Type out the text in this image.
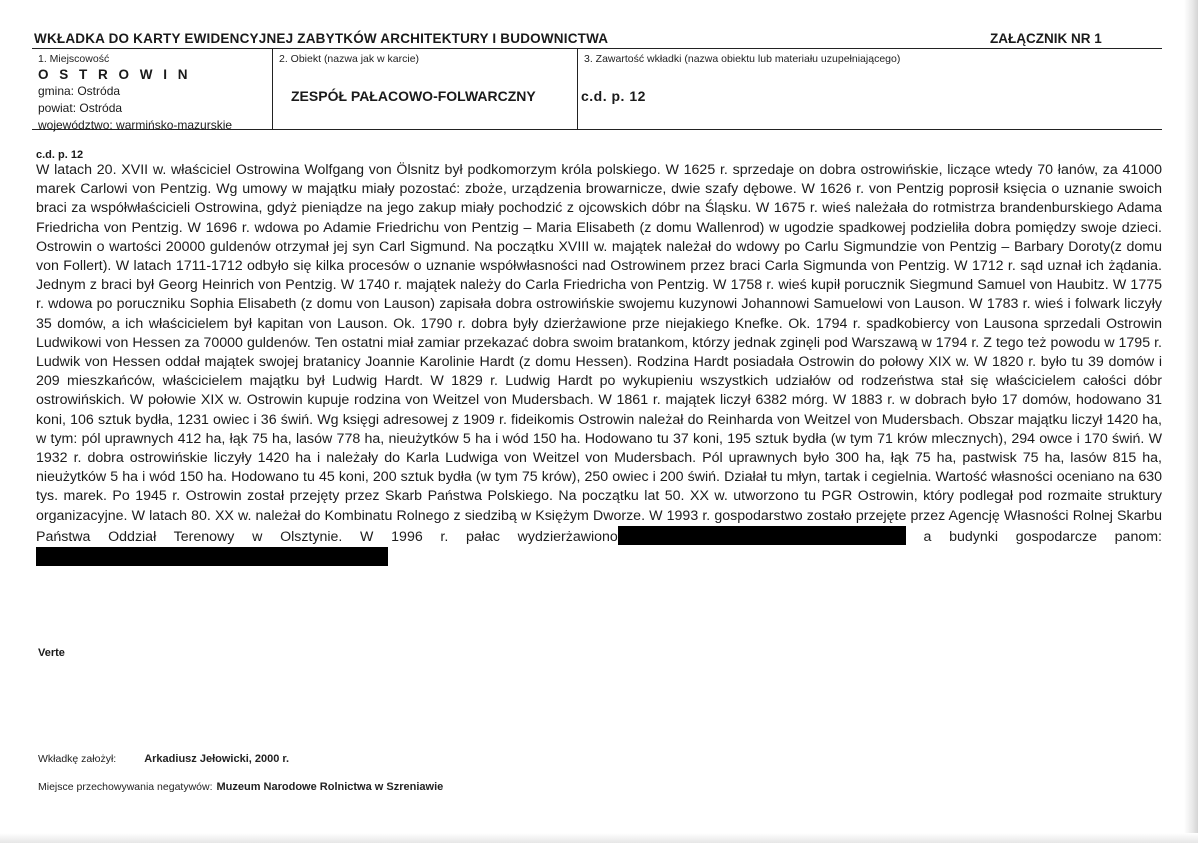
WKŁADKA DO KARTY EWIDENCYJNEJ ZABYTKÓW ARCHITEKTURY I BUDOWNICTWA	ZAŁĄCZNIK NR 1
1. Miejscowość
O S T R O W I N
gmina: Ostróda
powiat: Ostróda
województwo: warmińsko-mazurskie
2. Obiekt (nazwa jak w karcie)
ZESPÓŁ PAŁACOWO-FOLWARCZNY
3. Zawartość wkładki (nazwa obiektu lub materiału uzupełniającego)
c.d. p. 12
c.d. p. 12
W latach 20. XVII w. właściciel Ostrowina Wolfgang von Ölsnitz był podkomorzym króla polskiego. W 1625 r. sprzedaje on dobra ostrowińskie, liczące wtedy 70 łanów, za 41000 marek Carlowi von Pentzig. Wg umowy w majątku miały pozostać: zboże, urządzenia browarnicze, dwie szafy dębowe. W 1626 r. von Pentzig poprosił księcia o uznanie swoich braci za współwłaścicieli Ostrowina, gdyż pieniądze na jego zakup miały pochodzić z ojcowskich dóbr na Śląsku. W 1675 r. wieś należała do rotmistrza brandenburskiego Adama Friedricha von Pentzig. W 1696 r. wdowa po Adamie Friedrichu von Pentzig – Maria Elisabeth (z domu Wallenrod) w ugodzie spadkowej podzieliła dobra pomiędzy swoje dzieci. Ostrowin o wartości 20000 guldenów otrzymał jej syn Carl Sigmund. Na początku XVIII w. majątek należał do wdowy po Carlu Sigmundzie von Pentzig – Barbary Doroty(z domu von Follert). W latach 1711-1712 odbyło się kilka procesów o uznanie współwłasności nad Ostrowinem przez braci Carla Sigmunda von Pentzig. W 1712 r. sąd uznał ich żądania. Jednym z braci był Georg Heinrich von Pentzig. W 1740 r. majątek należy do Carla Friedricha von Pentzig. W 1758 r. wieś kupił porucznik Siegmund Samuel von Haubitz. W 1775 r. wdowa po poruczniku Sophia Elisabeth (z domu von Lauson) zapisała dobra ostrowińskie swojemu kuzynowi Johannowi Samuelowi von Lauson. W 1783 r. wieś i folwark liczyły 35 domów, a ich właścicielem był kapitan von Lauson. Ok. 1790 r. dobra były dzierżawione prze niejakiego Knefke. Ok. 1794 r. spadkobiercy von Lausona sprzedali Ostrowin Ludwikowi von Hessen za 70000 guldenów. Ten ostatni miał zamiar przekazać dobra swoim bratankom, którzy jednak zginęli pod Warszawą w 1794 r. Z tego też powodu w 1795 r. Ludwik von Hessen oddał majątek swojej bratanicy Joannie Karolinie Hardt (z domu Hessen). Rodzina Hardt posiadała Ostrowin do połowy XIX w. W 1820 r. było tu 39 domów i 209 mieszkańców, właścicielem majątku był Ludwig Hardt. W 1829 r. Ludwig Hardt po wykupieniu wszystkich udziałów od rodzeństwa stał się właścicielem całości dóbr ostrowińskich. W połowie XIX w. Ostrowin kupuje rodzina von Weitzel von Mudersbach. W 1861 r. majątek liczył 6382 mórg. W 1883 r. w dobrach było 17 domów, hodowano 31 koni, 106 sztuk bydła, 1231 owiec i 36 świń. Wg księgi adresowej z 1909 r. fideikomis Ostrowin należał do Reinharda von Weitzel von Mudersbach. Obszar majątku liczył 1420 ha, w tym: pól uprawnych 412 ha, łąk 75 ha, lasów 778 ha, nieużytków 5 ha i wód 150 ha. Hodowano tu 37 koni, 195 sztuk bydła (w tym 71 krów mlecznych), 294 owce i 170 świń. W 1932 r. dobra ostrowińskie liczyły 1420 ha i należały do Karla Ludwiga von Weitzel von Mudersbach. Pól uprawnych było 300 ha, łąk 75 ha, pastwisk 75 ha, lasów 815 ha, nieużytków 5 ha i wód 150 ha. Hodowano tu 45 koni, 200 sztuk bydła (w tym 75 krów), 250 owiec i 200 świń. Działał tu młyn, tartak i cegielnia. Wartość własności oceniano na 630 tys. marek. Po 1945 r. Ostrowin został przejęty przez Skarb Państwa Polskiego. Na początku lat 50. XX w. utworzono tu PGR Ostrowin, który podlegał pod rozmaite struktury organizacyjne. W latach 80. XX w. należał do Kombinatu Rolnego z siedzibą w Księżym Dworze. W 1993 r. gospodarstwo zostało przejęte przez Agencję Własności Rolnej Skarbu Państwa Oddział Terenowy w Olsztynie. W 1996 r. pałac wydzierżawiono	a budynki gospodarcze panom:
Verte
Wkładkę założył:	Arkadiusz Jełowicki, 2000 r.
Miejsce przechowywania negatywów: Muzeum Narodowe Rolnictwa w Szreniawie
